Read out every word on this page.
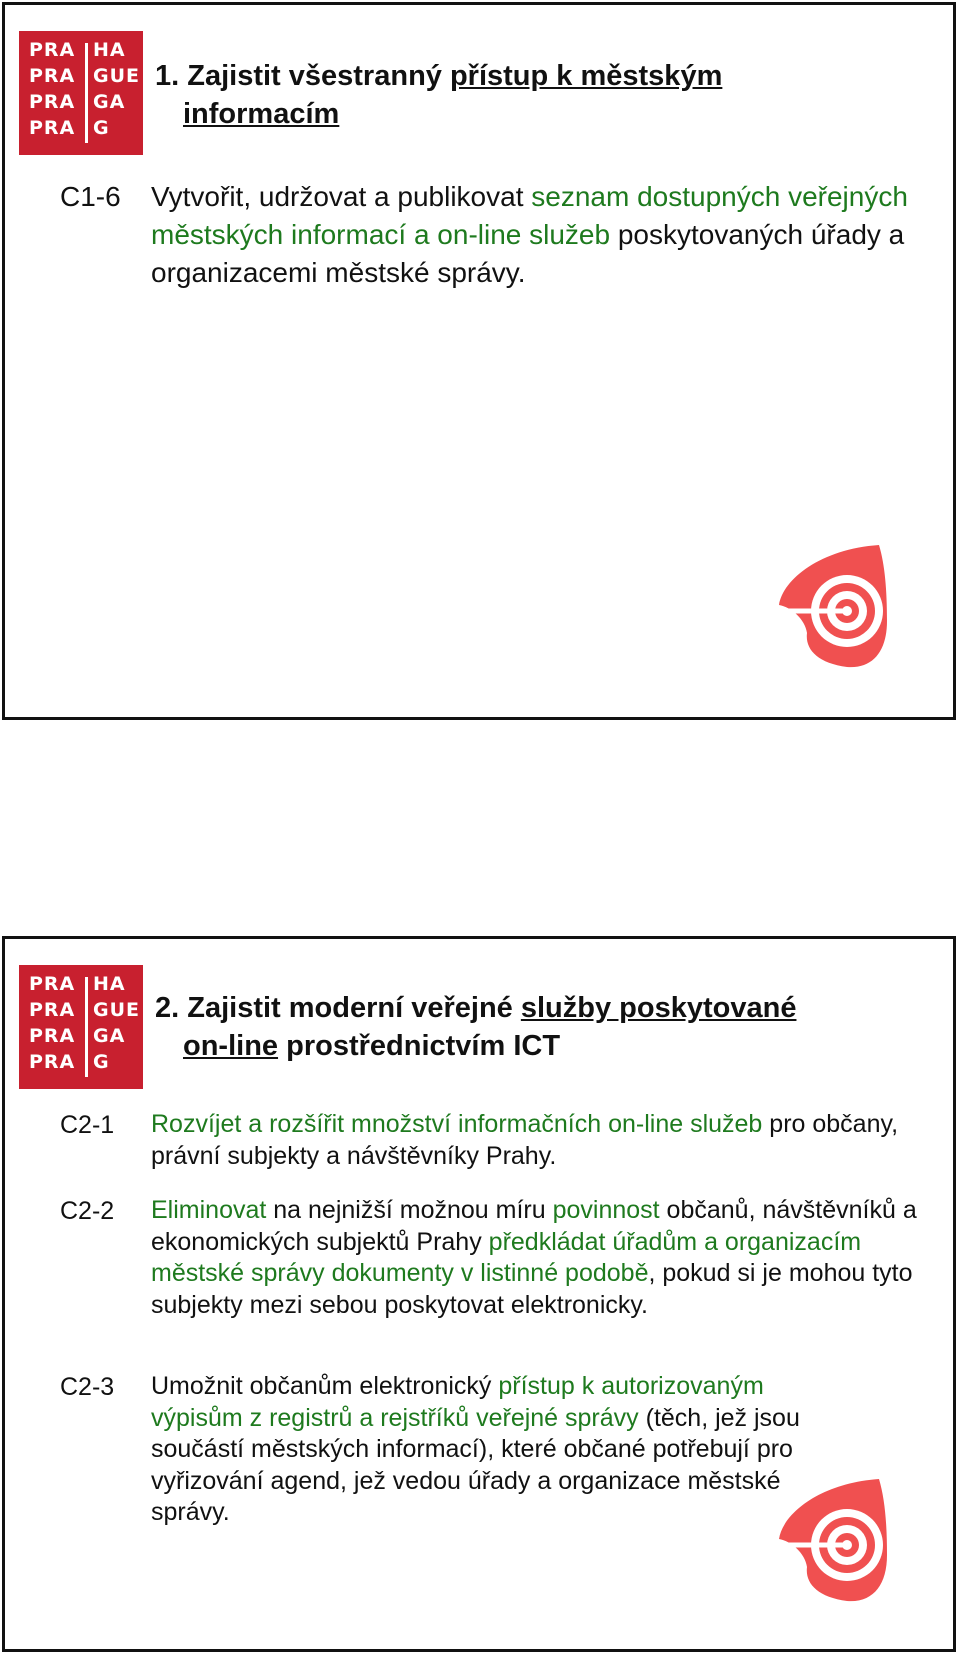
PRA HA
PRA GUE
PRA GA
PRA G
1. Zajistit všestranný přístup k městským
informacím
C1-6 Vytvořit, udržovat a publikovat seznam dostupných veřejných městských informací a on-line služeb poskytovaných úřady a organizacemi městské správy.
PRA HA
PRA GUE
PRA GA
PRA G
2. Zajistit moderní veřejné služby poskytované
on-line prostřednictvím ICT
C2-1 Rozvíjet a rozšířit množství informačních on-line služeb pro občany, právní subjekty a návštěvníky Prahy.
C2-2 Eliminovat na nejnižší možnou míru povinnost občanů, návštěvníků a ekonomických subjektů Prahy předkládat úřadům a organizacím městské správy dokumenty v listinné podobě, pokud si je mohou tyto subjekty mezi sebou poskytovat elektronicky.
C2-3 Umožnit občanům elektronický přístup k autorizovaným výpisům z registrů a rejstříků veřejné správy (těch, jež jsou součástí městských informací), které občané potřebují pro vyřizování agend, jež vedou úřady a organizace městské správy.
